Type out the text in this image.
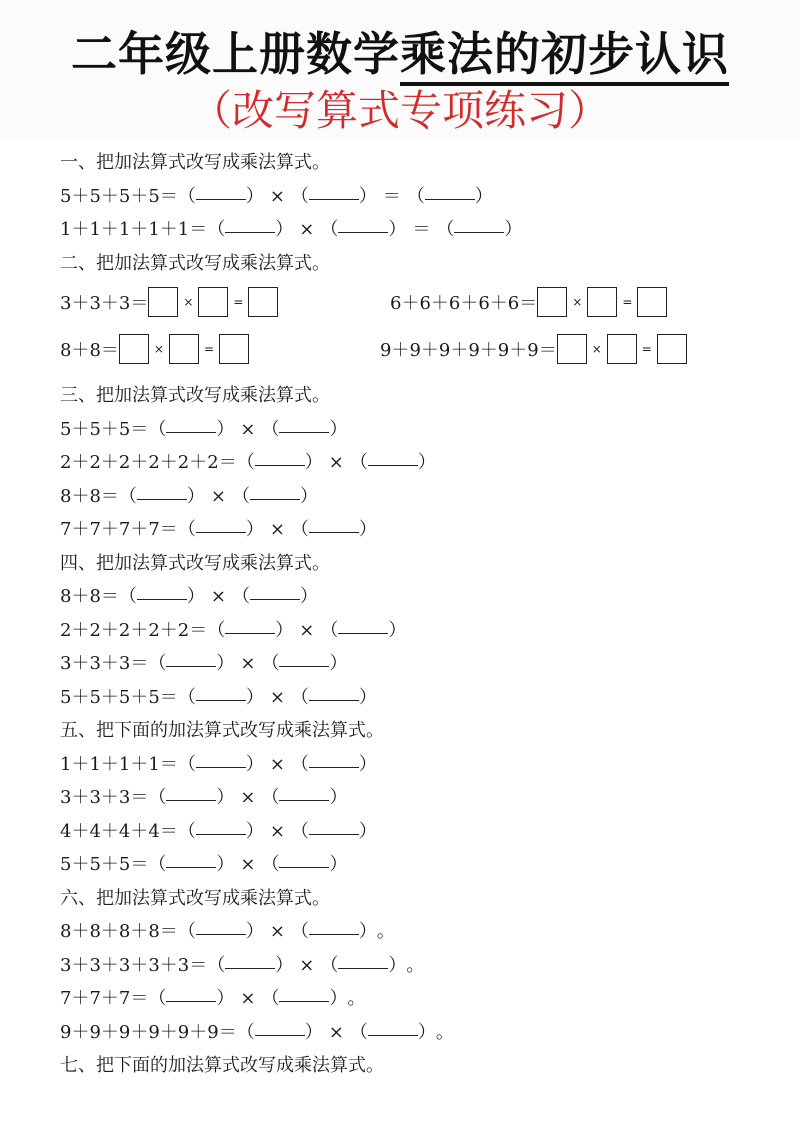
二年级上册数学乘法的初步认识
（改写算式专项练习）
一、把加法算式改写成乘法算式。
5＋5＋5＋5＝（	） × （	） ＝ （	）
1＋1＋1＋1＋1＝（	） × （	） ＝ （	）
二、把加法算式改写成乘法算式。
3＋3＋3＝	×	=	6＋6＋6＋6＋6＝	×	=
8＋8＝	×	=	9＋9＋9＋9＋9＋9＝	×	=
三、把加法算式改写成乘法算式。
5＋5＋5＝（	） × （	）
2＋2＋2＋2＋2＋2＝（	） × （	）
8＋8＝（	） × （	）
7＋7＋7＋7＝（	） × （	）
四、把加法算式改写成乘法算式。
8＋8＝（	） × （	）
2＋2＋2＋2＋2＝（	） × （	）
3＋3＋3＝（	） × （	）
5＋5＋5＋5＝（	） × （	）
五、把下面的加法算式改写成乘法算式。
1＋1＋1＋1＝（	） × （	）
3＋3＋3＝（	） × （	）
4＋4＋4＋4＝（	） × （	）
5＋5＋5＝（	） × （	）
六、把加法算式改写成乘法算式。
8＋8＋8＋8＝（	） × （	）。
3＋3＋3＋3＋3＝（	） × （	）。
7＋7＋7＝（	） × （	）。
9＋9＋9＋9＋9＋9＝（	） × （	）。
七、把下面的加法算式改写成乘法算式。
